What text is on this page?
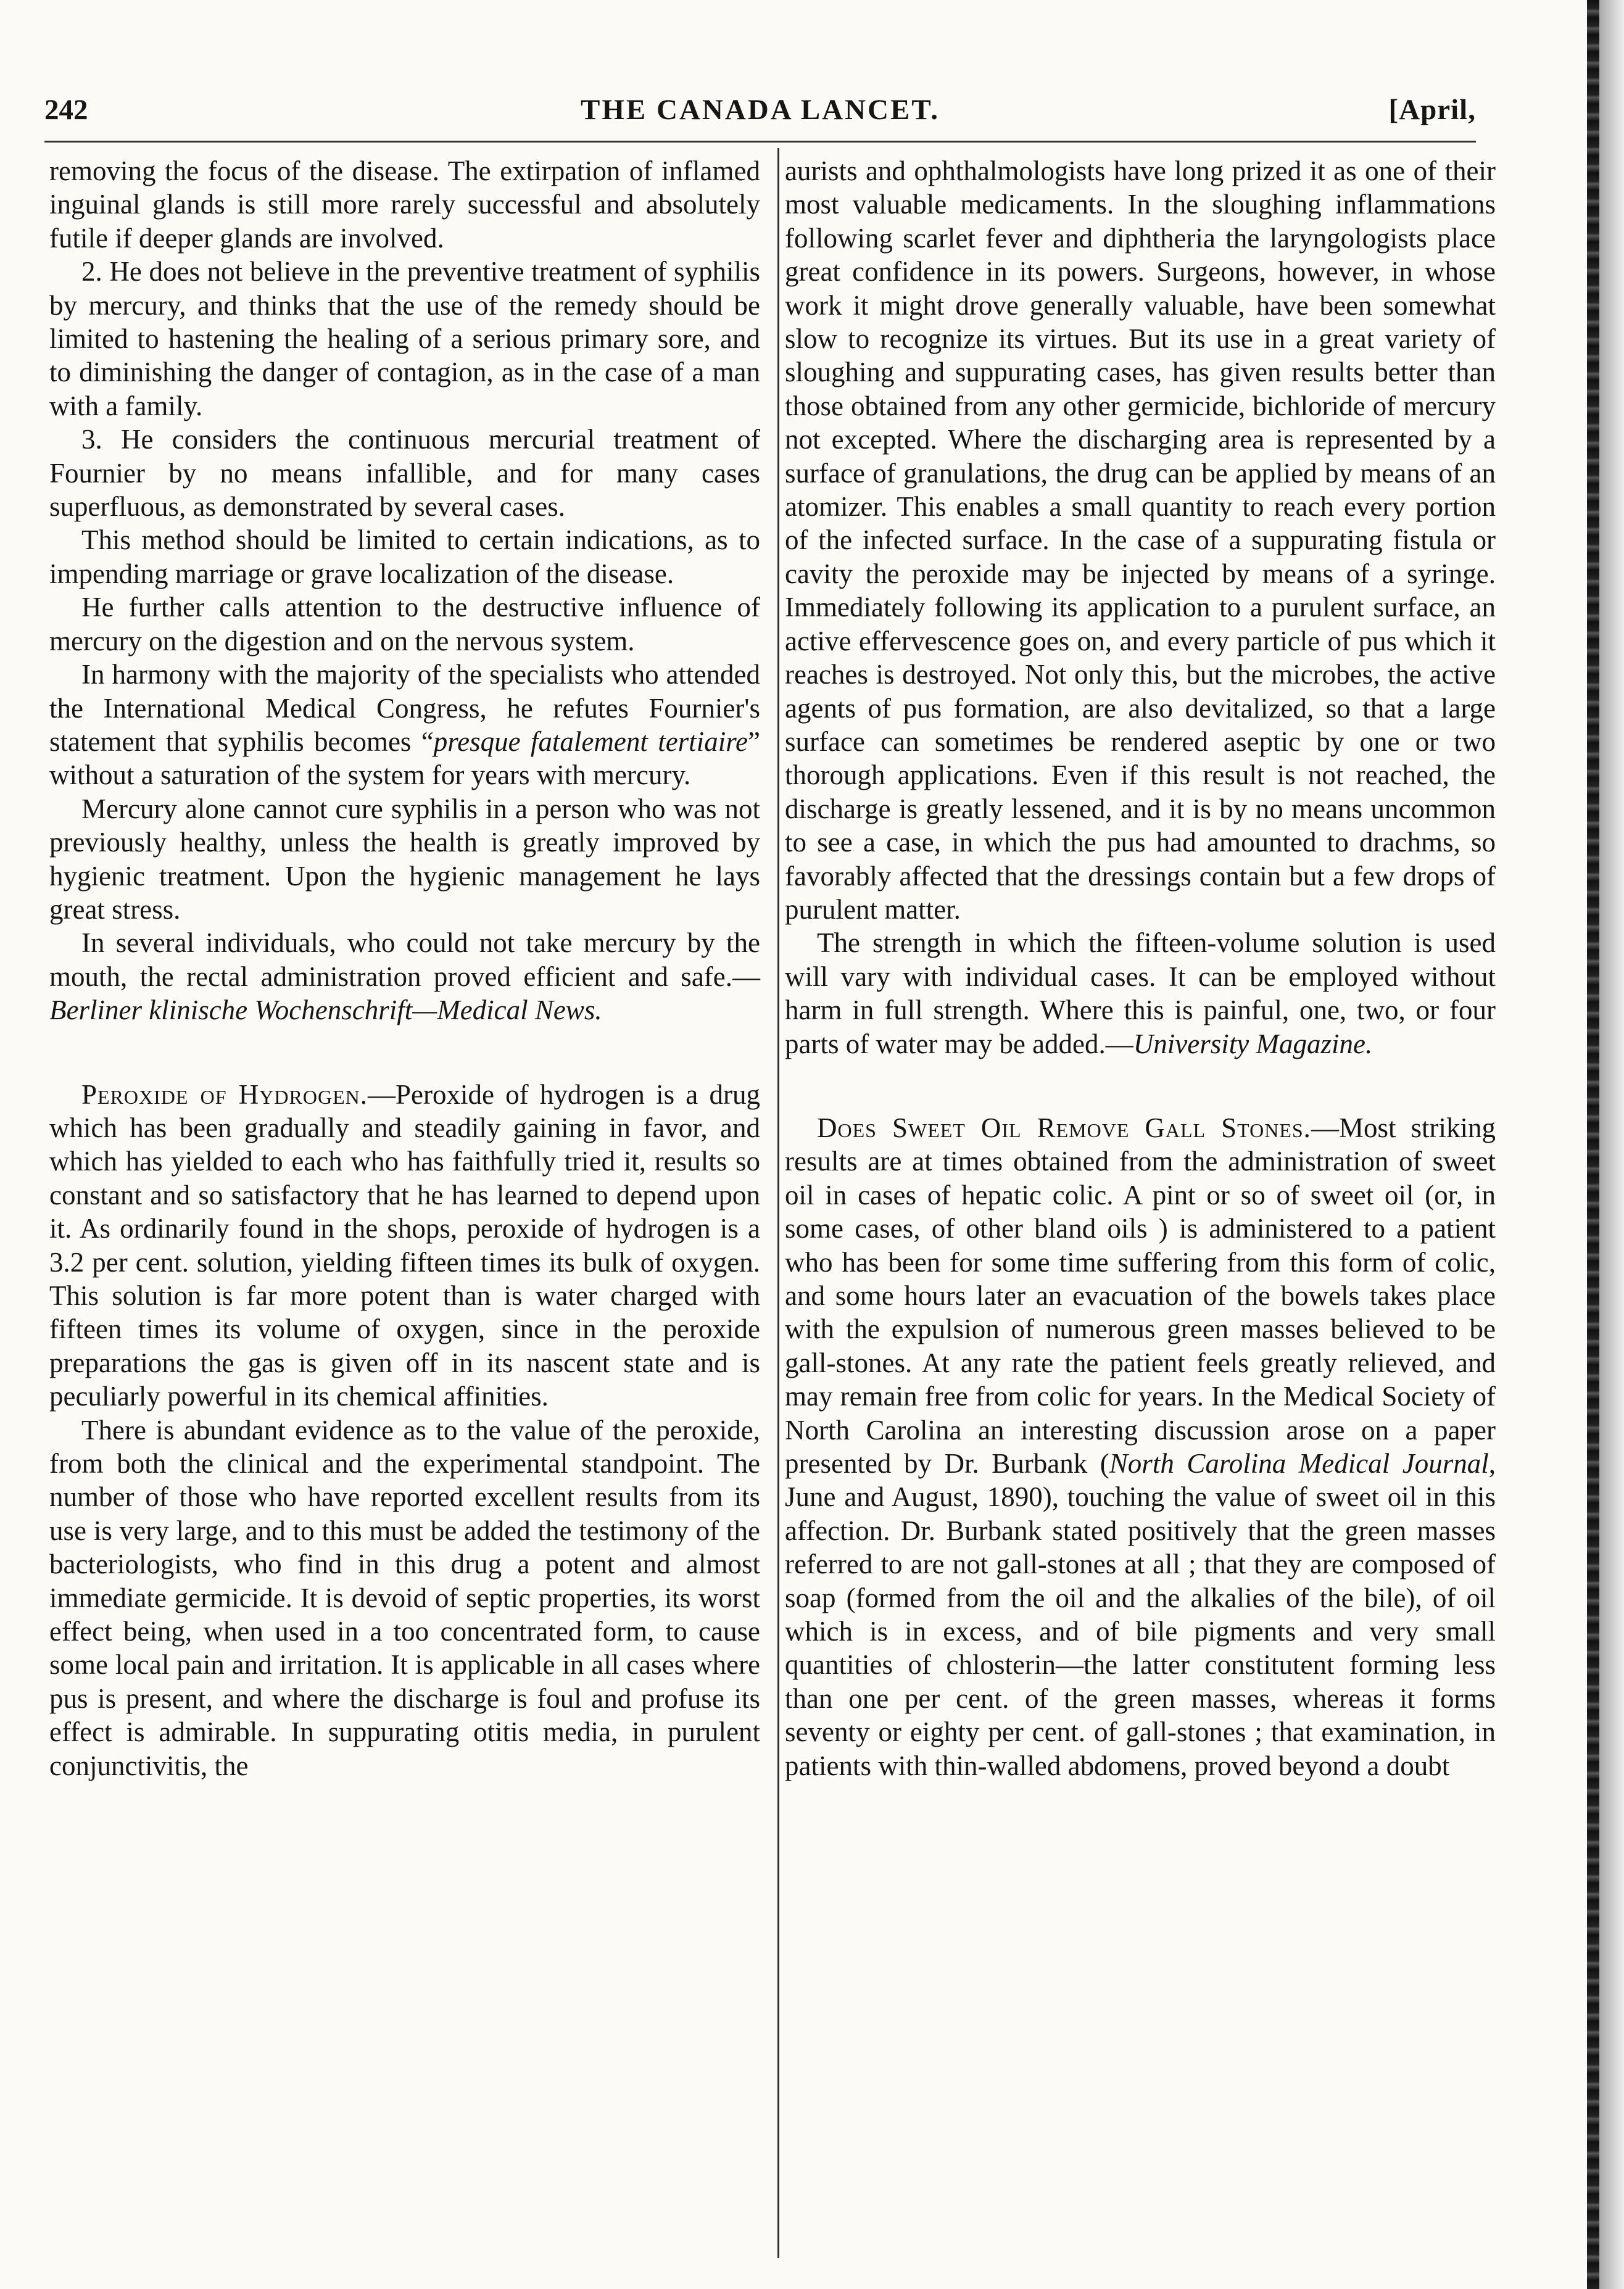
242	THE CANADA LANCET.	[April,

removing the focus of the disease. The extirpation of inflamed inguinal glands is still more rarely successful and absolutely futile if deeper glands are involved.

2. He does not believe in the preventive treatment of syphilis by mercury, and thinks that the use of the remedy should be limited to hastening the healing of a serious primary sore, and to diminishing the danger of contagion, as in the case of a man with a family.

3. He considers the continuous mercurial treatment of Fournier by no means infallible, and for many cases superfluous, as demonstrated by several cases.

This method should be limited to certain indications, as to impending marriage or grave localization of the disease.

He further calls attention to the destructive influence of mercury on the digestion and on the nervous system.

In harmony with the majority of the specialists who attended the International Medical Congress, he refutes Fournier's statement that syphilis becomes “presque fatalement tertiaire” without a saturation of the system for years with mercury.

Mercury alone cannot cure syphilis in a person who was not previously healthy, unless the health is greatly improved by hygienic treatment. Upon the hygienic management he lays great stress.

In several individuals, who could not take mercury by the mouth, the rectal administration proved efficient and safe.—Berliner klinische Wochenschrift—Medical News.

Peroxide of Hydrogen.—Peroxide of hydrogen is a drug which has been gradually and steadily gaining in favor, and which has yielded to each who has faithfully tried it, results so constant and so satisfactory that he has learned to depend upon it. As ordinarily found in the shops, peroxide of hydrogen is a 3.2 per cent. solution, yielding fifteen times its bulk of oxygen. This solution is far more potent than is water charged with fifteen times its volume of oxygen, since in the peroxide preparations the gas is given off in its nascent state and is peculiarly powerful in its chemical affinities.

There is abundant evidence as to the value of the peroxide, from both the clinical and the experimental standpoint. The number of those who have reported excellent results from its use is very large, and to this must be added the testimony of the bacteriologists, who find in this drug a potent and almost immediate germicide. It is devoid of septic properties, its worst effect being, when used in a too concentrated form, to cause some local pain and irritation. It is applicable in all cases where pus is present, and where the discharge is foul and profuse its effect is admirable. In suppurating otitis media, in purulent conjunctivitis, the

aurists and ophthalmologists have long prized it as one of their most valuable medicaments. In the sloughing inflammations following scarlet fever and diphtheria the laryngologists place great confidence in its powers. Surgeons, however, in whose work it might drove generally valuable, have been somewhat slow to recognize its virtues. But its use in a great variety of sloughing and suppurating cases, has given results better than those obtained from any other germicide, bichloride of mercury not excepted. Where the discharging area is represented by a surface of granulations, the drug can be applied by means of an atomizer. This enables a small quantity to reach every portion of the infected surface. In the case of a suppurating fistula or cavity the peroxide may be injected by means of a syringe. Immediately following its application to a purulent surface, an active effervescence goes on, and every particle of pus which it reaches is destroyed. Not only this, but the microbes, the active agents of pus formation, are also devitalized, so that a large surface can sometimes be rendered aseptic by one or two thorough applications. Even if this result is not reached, the discharge is greatly lessened, and it is by no means uncommon to see a case, in which the pus had amounted to drachms, so favorably affected that the dressings contain but a few drops of purulent matter.

The strength in which the fifteen-volume solution is used will vary with individual cases. It can be employed without harm in full strength. Where this is painful, one, two, or four parts of water may be added.—University Magazine.

Does Sweet Oil Remove Gall Stones.—Most striking results are at times obtained from the administration of sweet oil in cases of hepatic colic. A pint or so of sweet oil (or, in some cases, of other bland oils ) is administered to a patient who has been for some time suffering from this form of colic, and some hours later an evacuation of the bowels takes place with the expulsion of numerous green masses believed to be gall-stones. At any rate the patient feels greatly relieved, and may remain free from colic for years. In the Medical Society of North Carolina an interesting discussion arose on a paper presented by Dr. Burbank (North Carolina Medical Journal, June and August, 1890), touching the value of sweet oil in this affection. Dr. Burbank stated positively that the green masses referred to are not gall-stones at all ; that they are composed of soap (formed from the oil and the alkalies of the bile), of oil which is in excess, and of bile pigments and very small quantities of chlosterin—the latter constitutent forming less than one per cent. of the green masses, whereas it forms seventy or eighty per cent. of gall-stones ; that examination, in patients with thin-walled abdomens, proved beyond a doubt
